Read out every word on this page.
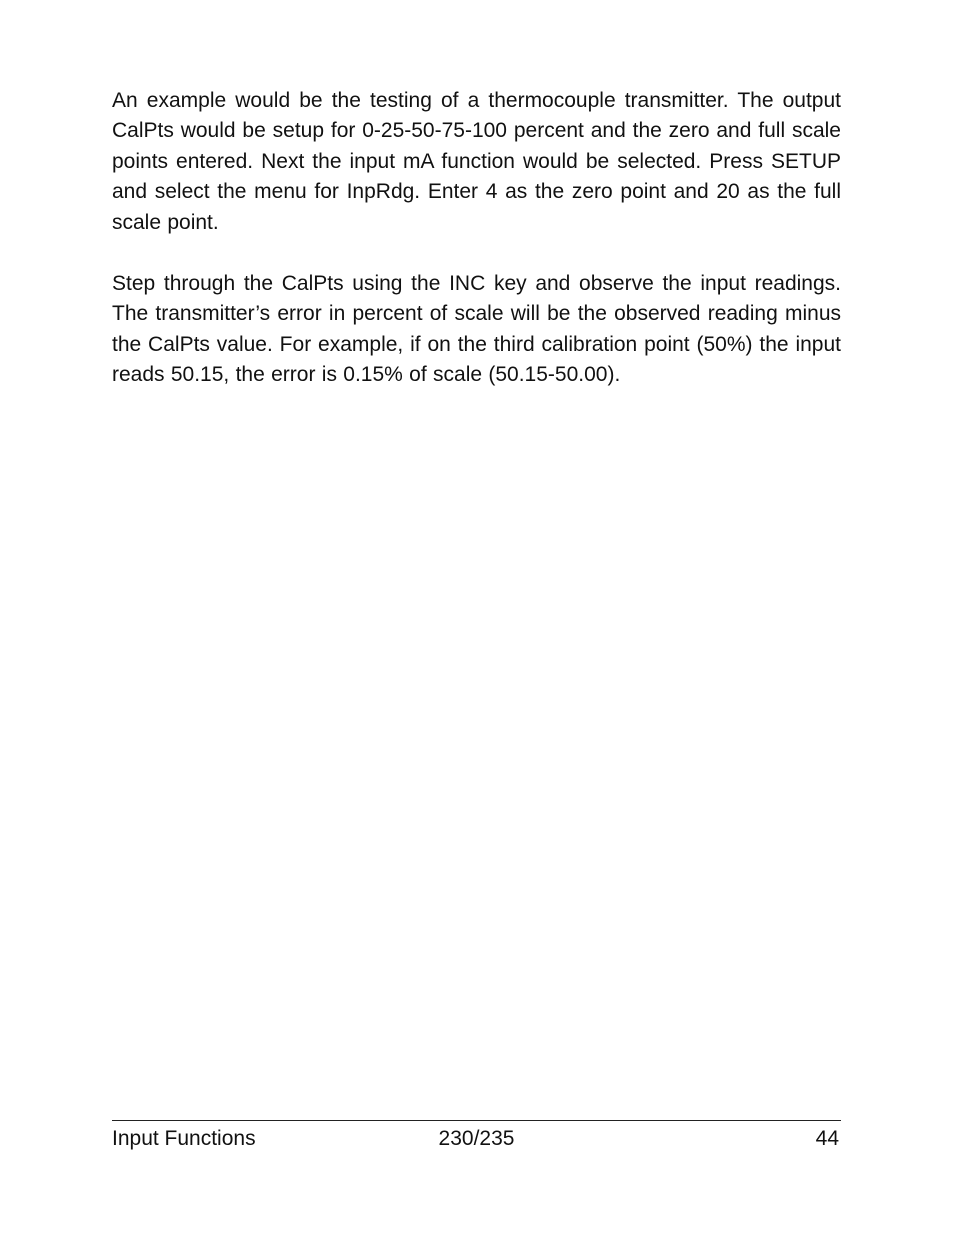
An example would be the testing of a thermocouple transmitter. The output CalPts would be setup for 0-25-50-75-100 percent and the zero and full scale points entered. Next the input mA function would be selected. Press SETUP and select the menu for InpRdg. Enter 4 as the zero point and 20 as the full scale point.

Step through the CalPts using the INC key and observe the input readings. The transmitter’s error in percent of scale will be the observed reading minus the CalPts value. For example, if on the third calibration point (50%) the input reads 50.15, the error is 0.15% of scale (50.15-50.00).

Input Functions	230/235	44
